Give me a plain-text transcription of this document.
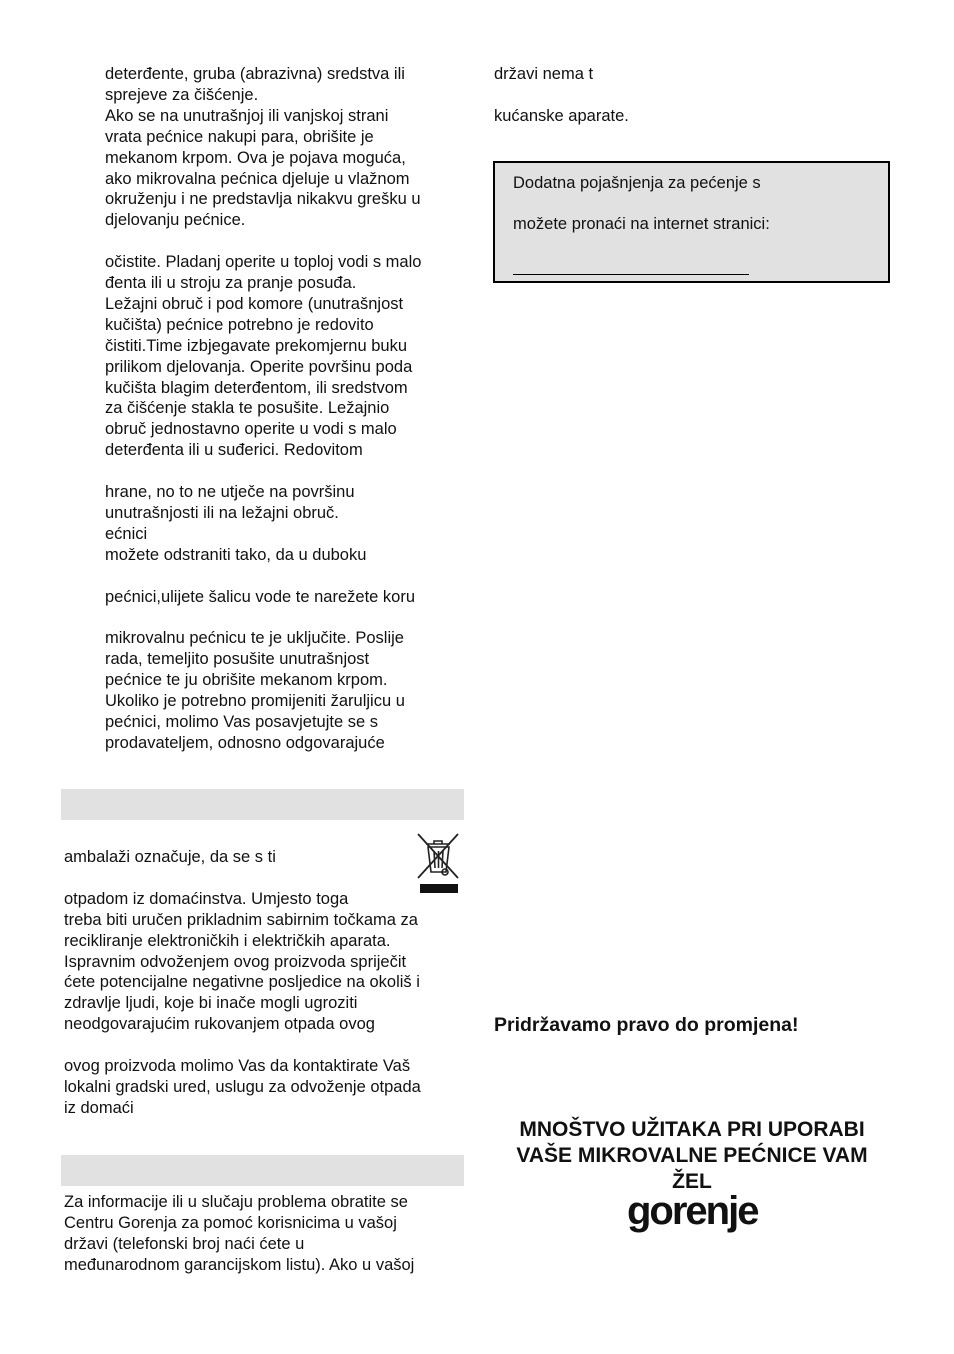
deterđente, gruba (abrazivna) sredstva ili
sprejeve za čišćenje.
Ako se na unutrašnjoj ili vanjskoj strani
vrata pećnice nakupi para, obrišite je
mekanom krpom. Ova je pojava moguća,
ako mikrovalna pećnica djeluje u vlažnom
okruženju i ne predstavlja nikakvu grešku u
djelovanju pećnice.
očistite. Pladanj operite u toploj vodi s malo
đenta ili u stroju za pranje posuđa.
Ležajni obruč i pod komore (unutrašnjost
kučišta) pećnice potrebno je redovito
čistiti.Time izbjegavate prekomjernu buku
prilikom djelovanja. Operite površinu poda
kučišta blagim deterđentom, ili sredstvom
za čišćenje stakla te posušite. Ležajnio
obruč jednostavno operite u vodi s malo
deterđenta ili u suđerici. Redovitom
hrane, no to ne utječe na površinu
unutrašnjosti ili na ležajni obruč.
ećnici
možete odstraniti tako, da u duboku
pećnici,ulijete šalicu vode te narežete koru
mikrovalnu pećnicu te je uključite. Poslije
rada, temeljito posušite unutrašnjost
pećnice te ju obrišite mekanom krpom.
Ukoliko je potrebno promijeniti žaruljicu u
pećnici, molimo Vas posavjetujte se s
prodavateljem, odnosno odgovarajuće
ambalaži označuje, da se s ti
otpadom iz domaćinstva. Umjesto toga
treba biti uručen prikladnim sabirnim točkama za
recikliranje elektroničkih i električkih aparata.
Ispravnim odvoženjem ovog proizvoda spriječit
ćete potencijalne negativne posljedice na okoliš i
zdravlje ljudi, koje bi inače mogli ugroziti
neodgovarajućim rukovanjem otpada ovog
ovog proizvoda molimo Vas da kontaktirate Vaš
lokalni gradski ured, uslugu za odvoženje otpada
iz domaći
Za informacije ili u slučaju problema obratite se
Centru Gorenja za pomoć korisnicima u vašoj
državi (telefonski broj naći ćete u
međunarodnom garancijskom listu). Ako u vašoj
državi nema t
kućanske aparate.
Dodatna pojašnjenja za pećenje s
možete pronaći na internet stranici:
Pridržavamo pravo do promjena!
MNOŠTVO UŽITAKA PRI UPORABI
VAŠE MIKROVALNE PEĆNICE VAM
ŽEL
gorenje
